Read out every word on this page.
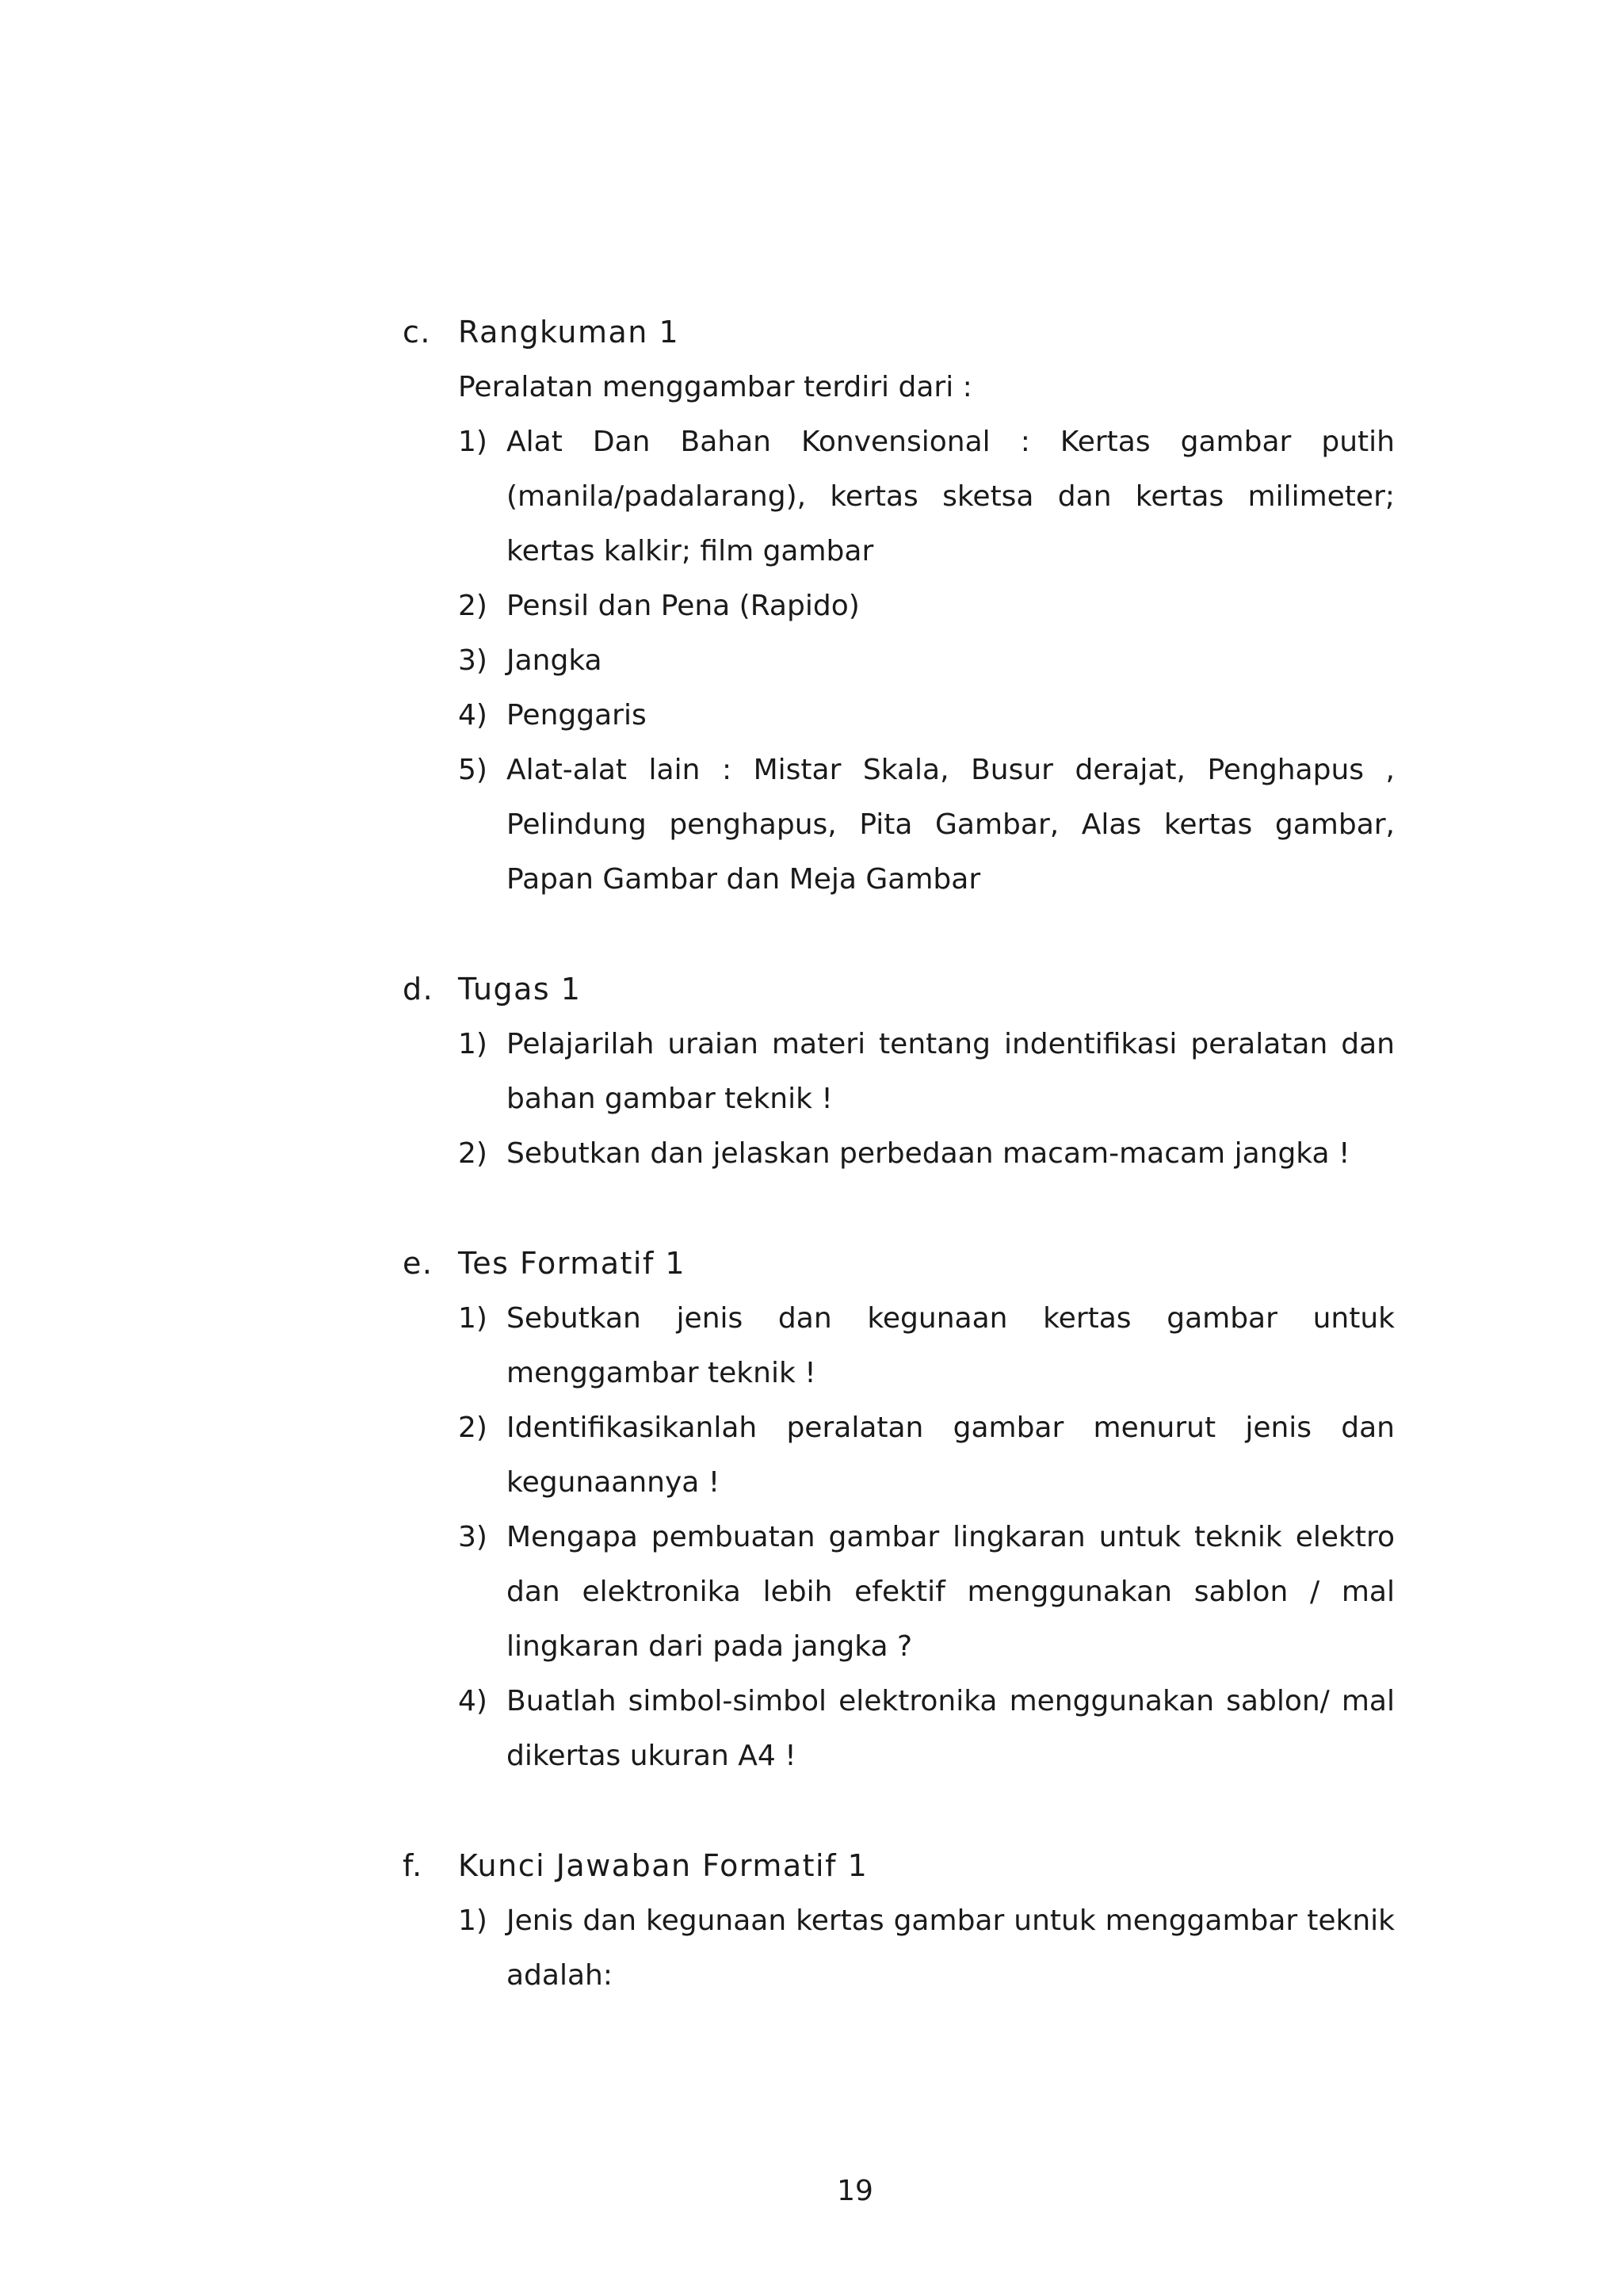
c. Rangkuman 1
Peralatan menggambar terdiri dari :
1) Alat Dan Bahan Konvensional : Kertas gambar putih (manila/padalarang), kertas sketsa dan kertas milimeter; kertas kalkir; film gambar
2) Pensil dan Pena (Rapido)
3) Jangka
4) Penggaris
5) Alat-alat lain : Mistar Skala, Busur derajat, Penghapus , Pelindung penghapus, Pita Gambar, Alas kertas gambar, Papan Gambar dan Meja Gambar
d. Tugas 1
1) Pelajarilah uraian materi tentang indentifikasi peralatan dan bahan gambar teknik !
2) Sebutkan dan jelaskan perbedaan macam-macam jangka !
e. Tes Formatif 1
1) Sebutkan jenis dan kegunaan kertas gambar untuk menggambar teknik !
2) Identifikasikanlah peralatan gambar menurut jenis dan kegunaannya !
3) Mengapa pembuatan gambar lingkaran untuk teknik elektro dan elektronika lebih efektif menggunakan sablon / mal lingkaran dari pada jangka ?
4) Buatlah simbol-simbol elektronika menggunakan sablon/ mal dikertas ukuran A4 !
f. Kunci Jawaban Formatif 1
1) Jenis dan kegunaan kertas gambar untuk menggambar teknik adalah:
19
